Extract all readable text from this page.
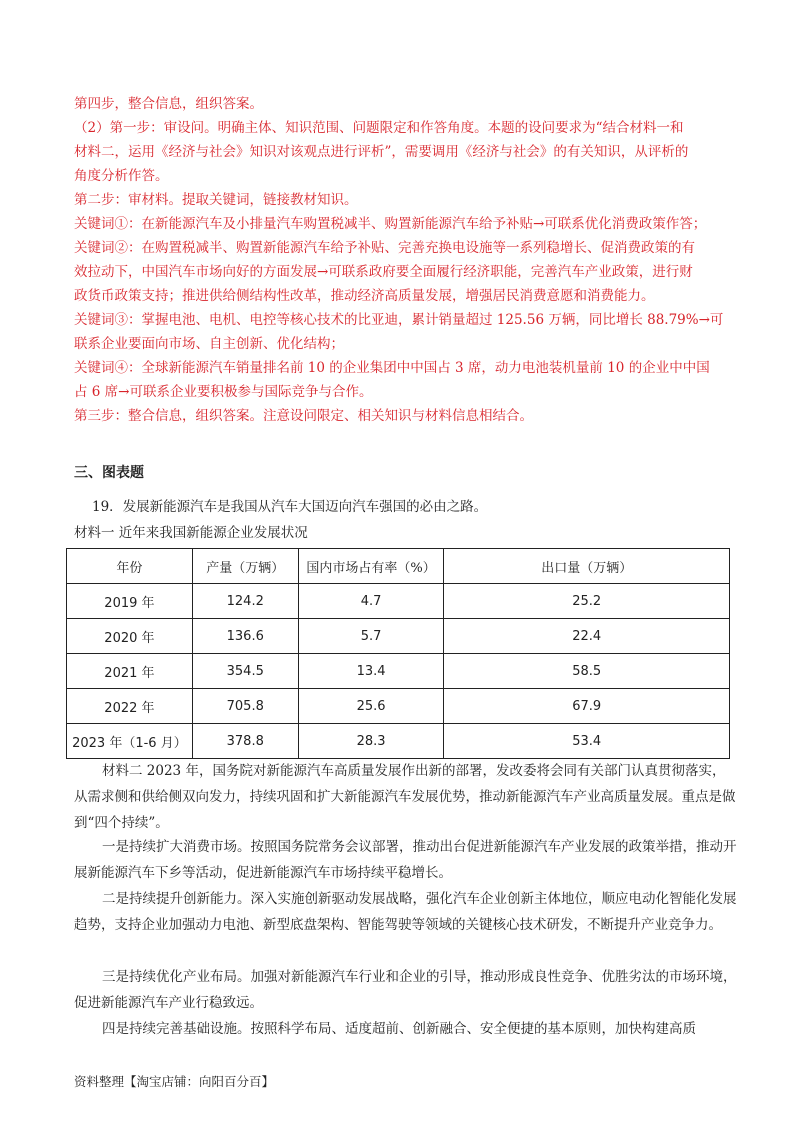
第四步，整合信息，组织答案。

（2）第一步：审设问。明确主体、知识范围、问题限定和作答角度。本题的设问要求为“结合材料一和

材料二，运用《经济与社会》知识对该观点进行评析”，需要调用《经济与社会》的有关知识，从评析的

角度分析作答。

第二步：审材料。提取关键词，链接教材知识。

关键词①：在新能源汽车及小排量汽车购置税减半、购置新能源汽车给予补贴→可联系优化消费政策作答；

关键词②：在购置税减半、购置新能源汽车给予补贴、完善充换电设施等一系列稳增长、促消费政策的有

效拉动下，中国汽车市场向好的方面发展→可联系政府要全面履行经济职能，完善汽车产业政策，进行财

政货币政策支持；推进供给侧结构性改革，推动经济高质量发展，增强居民消费意愿和消费能力。

关键词③：掌握电池、电机、电控等核心技术的比亚迪，累计销量超过 125.56 万辆，同比增长 88.79%→可

联系企业要面向市场、自主创新、优化结构；

关键词④：全球新能源汽车销量排名前 10 的企业集团中中国占 3 席，动力电池装机量前 10 的企业中中国

占 6 席→可联系企业要积极参与国际竞争与合作。

第三步：整合信息，组织答案。注意设问限定、相关知识与材料信息相结合。

三、图表题
19．发展新能源汽车是我国从汽车大国迈向汽车强国的必由之路。
材料一 近年来我国新能源企业发展状况
年份	产量（万辆）	国内市场占有率（%）	出口量（万辆）
2019 年	124.2	4.7	25.2
2020 年	136.6	5.7	22.4
2021 年	354.5	13.4	58.5
2022 年	705.8	25.6	67.9
2023 年（1-6 月）	378.8	28.3	53.4
材料二 2023 年，国务院对新能源汽车高质量发展作出新的部署，发改委将会同有关部门认真贯彻落实，从需求侧和供给侧双向发力，持续巩固和扩大新能源汽车发展优势，推动新能源汽车产业高质量发展。重点是做到“四个持续”。

一是持续扩大消费市场。按照国务院常务会议部署，推动出台促进新能源汽车产业发展的政策举措，推动开展新能源汽车下乡等活动，促进新能源汽车市场持续平稳增长。

二是持续提升创新能力。深入实施创新驱动发展战略，强化汽车企业创新主体地位，顺应电动化智能化发展趋势，支持企业加强动力电池、新型底盘架构、智能驾驶等领域的关键核心技术研发，不断提升产业竞争力。

三是持续优化产业布局。加强对新能源汽车行业和企业的引导，推动形成良性竞争、优胜劣汰的市场环境，促进新能源汽车产业行稳致远。

四是持续完善基础设施。按照科学布局、适度超前、创新融合、安全便捷的基本原则，加快构建高质

资料整理【淘宝店铺：向阳百分百】
